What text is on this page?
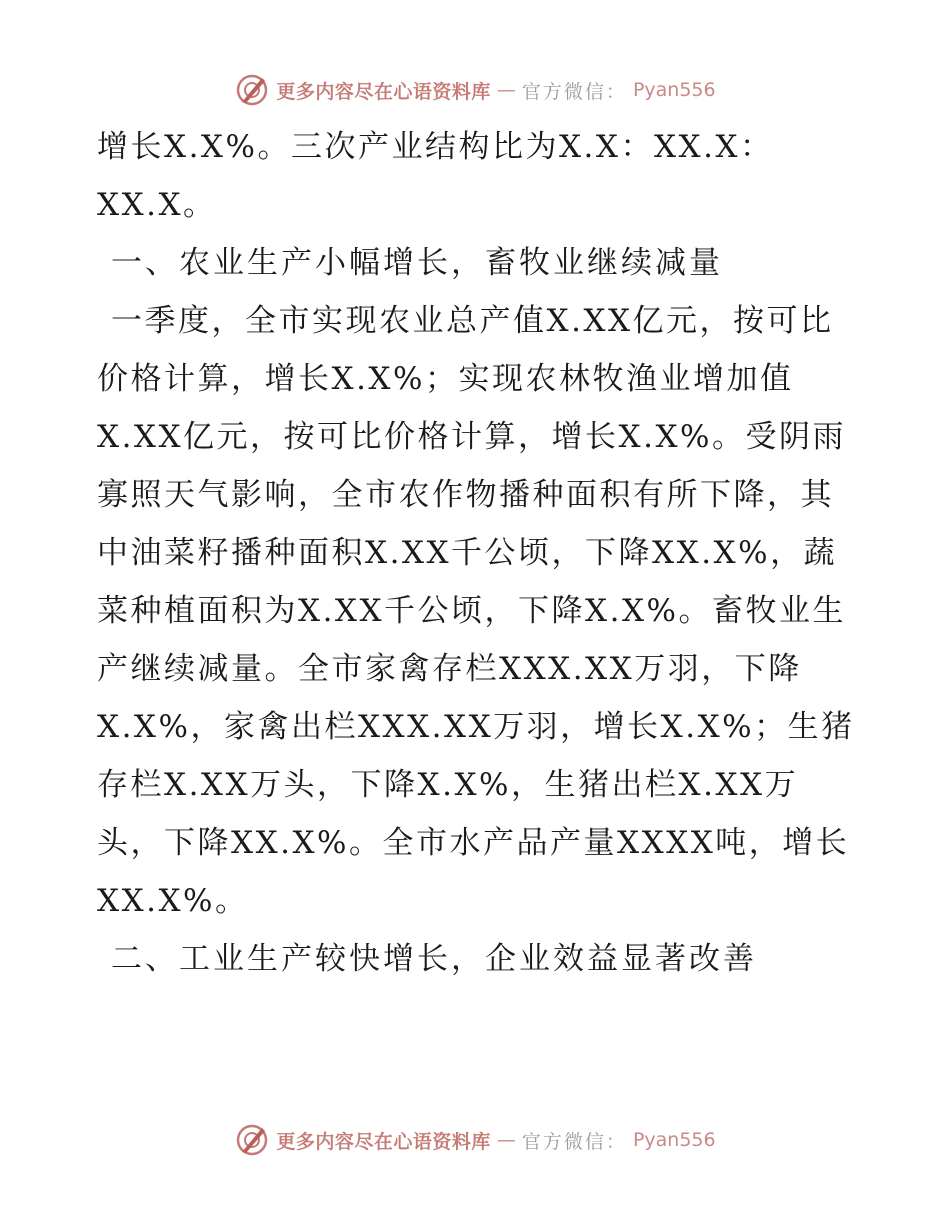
更多内容尽在心语资料库 — 官方微信： Pyan556
增长X.X%。三次产业结构比为X.X：XX.X：
XX.X。
一、农业生产小幅增长，畜牧业继续减量
一季度，全市实现农业总产值X.XX亿元，按可比
价格计算，增长X.X%；实现农林牧渔业增加值
X.XX亿元，按可比价格计算，增长X.X%。受阴雨
寡照天气影响，全市农作物播种面积有所下降，其
中油菜籽播种面积X.XX千公顷，下降XX.X%，蔬
菜种植面积为X.XX千公顷，下降X.X%。畜牧业生
产继续减量。全市家禽存栏XXX.XX万羽，下降
X.X%，家禽出栏XXX.XX万羽，增长X.X%；生猪
存栏X.XX万头，下降X.X%，生猪出栏X.XX万
头，下降XX.X%。全市水产品产量XXXX吨，增长
XX.X%。
二、工业生产较快增长，企业效益显著改善
更多内容尽在心语资料库 — 官方微信： Pyan556
